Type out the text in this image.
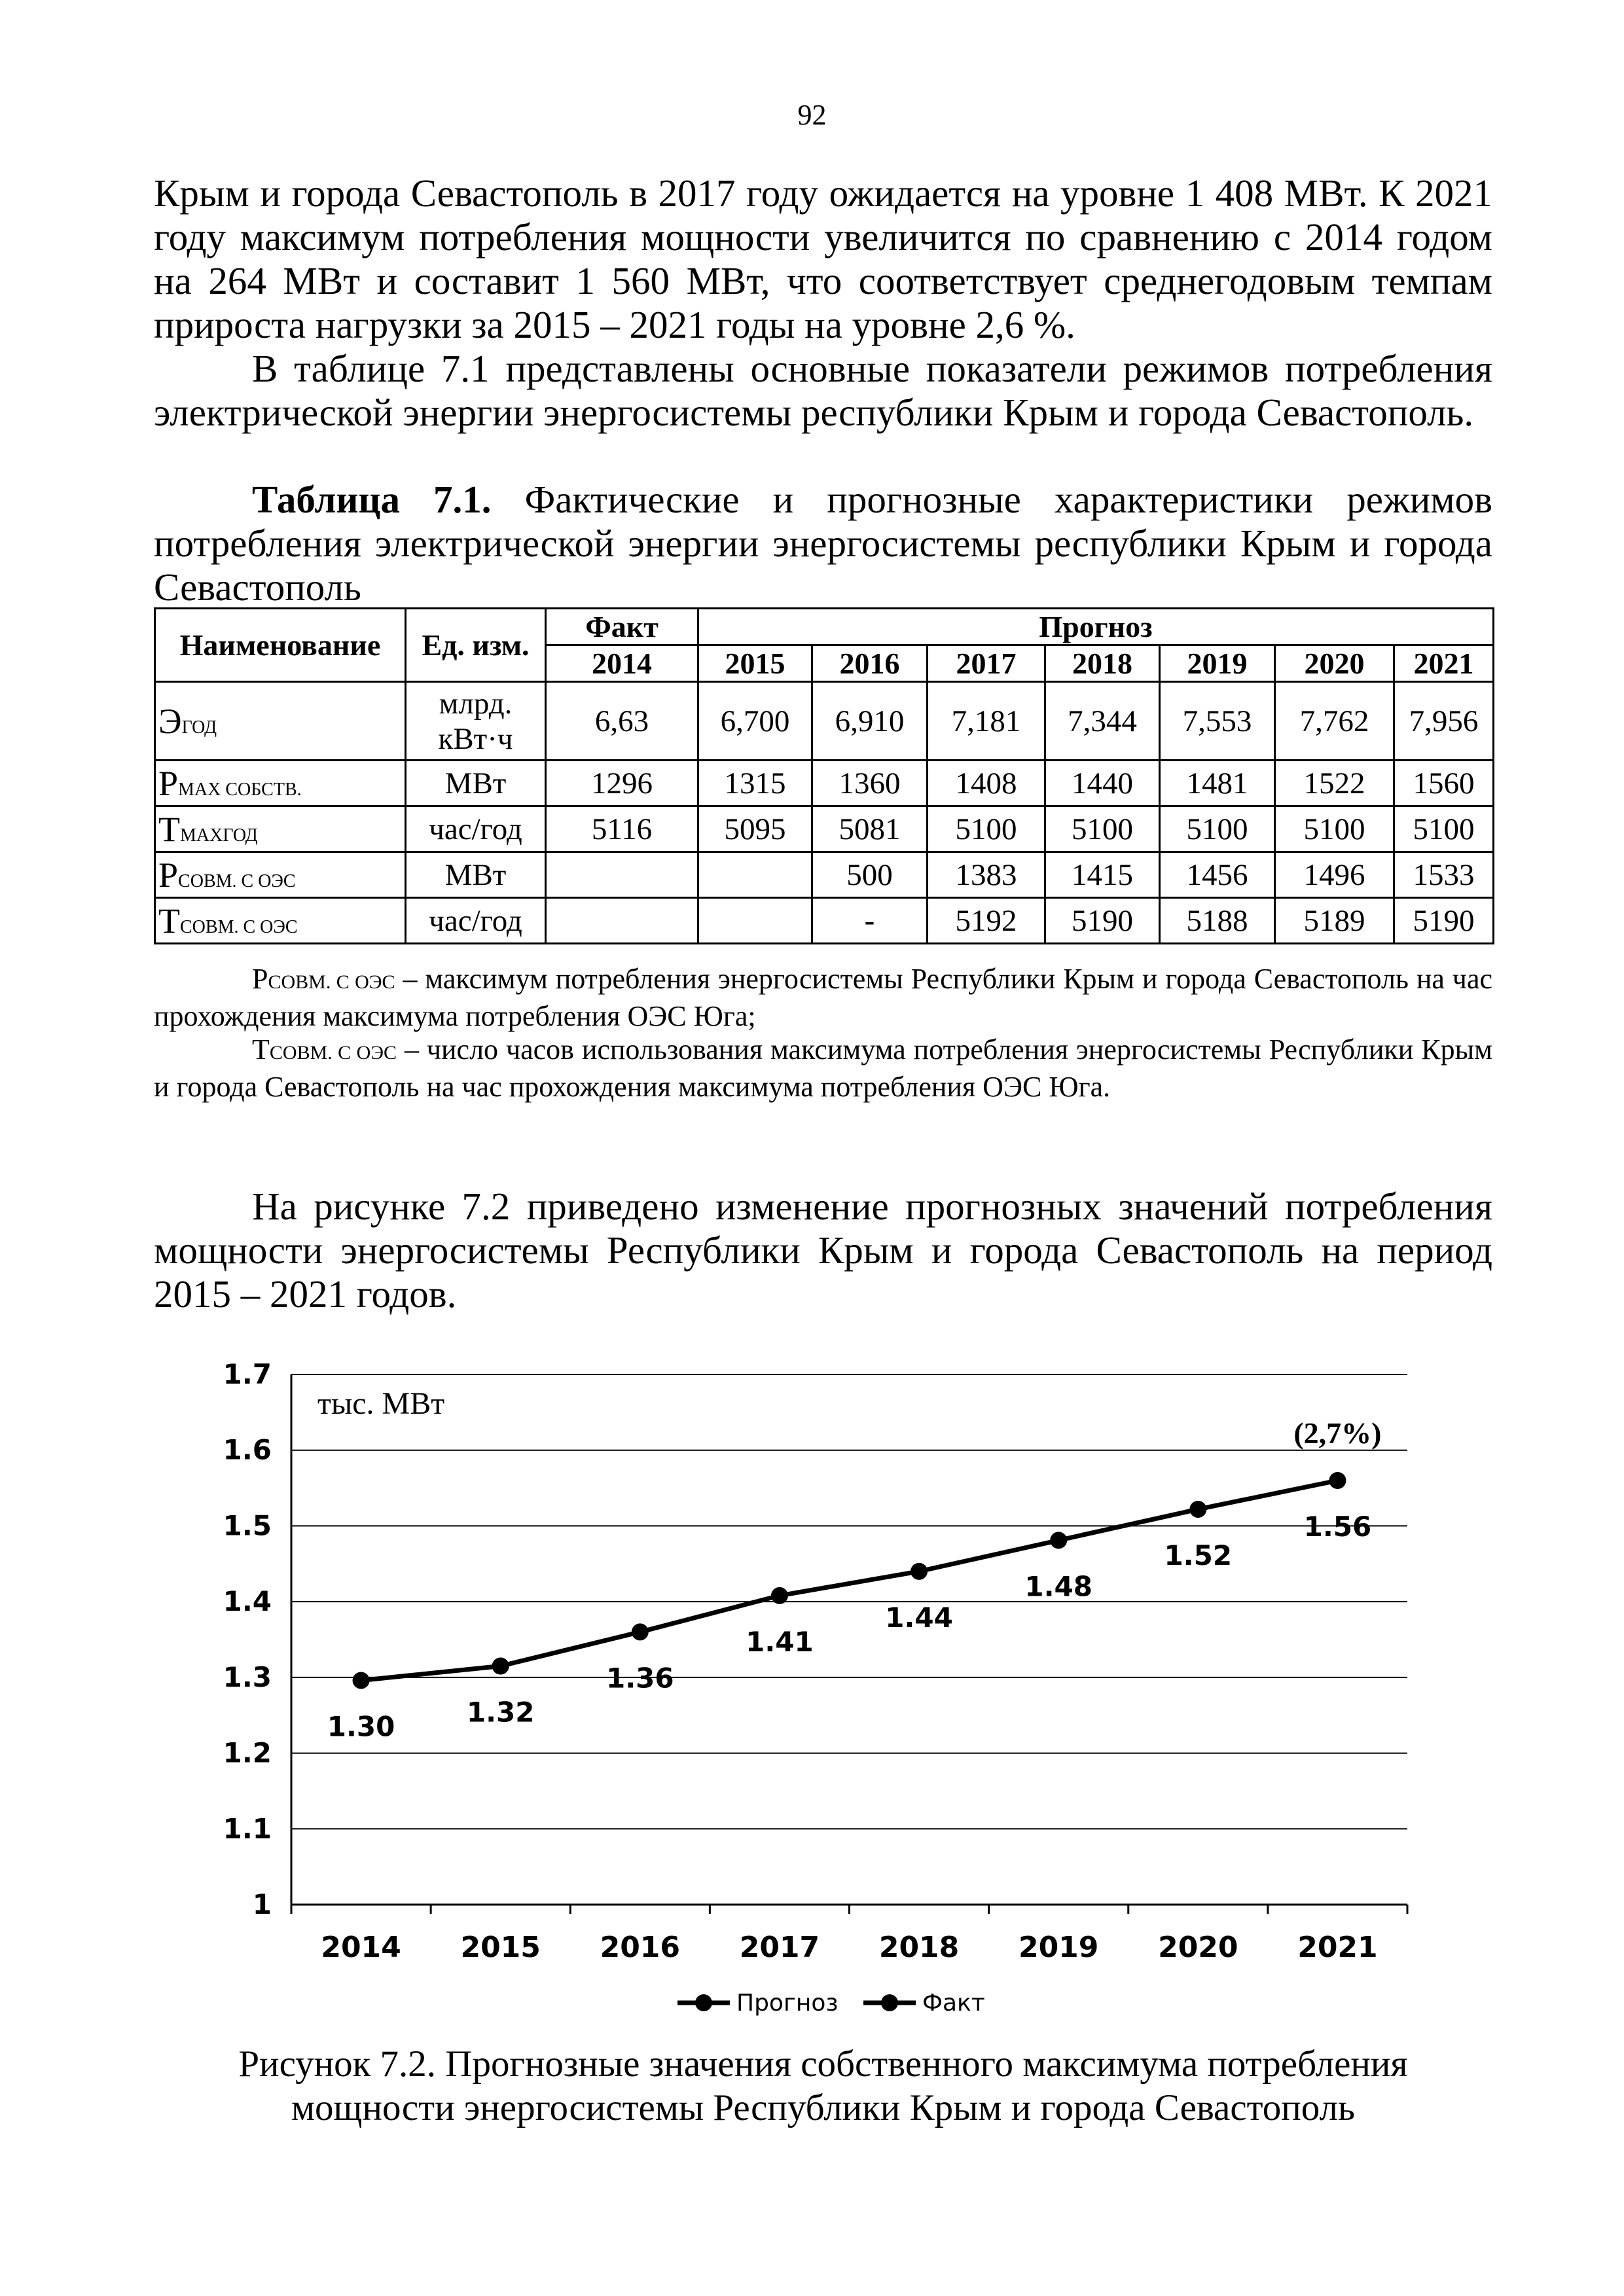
92
Крым и города Севастополь в 2017 году ожидается на уровне 1 408 МВт. К 2021 году максимум потребления мощности увеличится по сравнению с 2014 годом на 264 МВт и составит 1 560 МВт, что соответствует среднегодовым темпам прироста нагрузки за 2015 – 2021 годы на уровне 2,6 %.
В таблице 7.1 представлены основные показатели режимов потребления электрической энергии энергосистемы республики Крым и города Севастополь.
Таблица 7.1. Фактические и прогнозные характеристики режимов потребления электрической энергии энергосистемы республики Крым и города Севастополь
Наименование	Ед. изм.	Факт	Прогноз						
		2014	2015	2016	2017	2018	2019	2020	2021
ЭГОД	млрд. кВт·ч	6,63	6,700	6,910	7,181	7,344	7,553	7,762	7,956
PMAX СОБСТВ.	МВт	1296	1315	1360	1408	1440	1481	1522	1560
ТMAXГОД	час/год	5116	5095	5081	5100	5100	5100	5100	5100
PСОВМ. С ОЭС	МВт			500	1383	1415	1456	1496	1533
ТСОВМ. С ОЭС	час/год			-	5192	5190	5188	5189	5190
PСОВМ. С ОЭС – максимум потребления энергосистемы Республики Крым и города Севастополь на час прохождения максимума потребления ОЭС Юга;
ТСОВМ. С ОЭС – число часов использования максимума потребления энергосистемы Республики Крым и города Севастополь на час прохождения максимума потребления ОЭС Юга.
На рисунке 7.2 приведено изменение прогнозных значений потребления мощности энергосистемы Республики Крым и города Севастополь на период 2015 – 2021 годов.
1.7
1.6
1.5
1.4
1.3
1.2
1.1
1
2014 2015 2016 2017 2018 2019 2020 2021
1.30	1.32
1.36
1.41
1.44
1.48
1.52
1.56
тыс. МВт
(2,7%)
Прогноз	Факт
Рисунок 7.2. Прогнозные значения собственного максимума потребления мощности энергосистемы Республики Крым и города Севастополь
